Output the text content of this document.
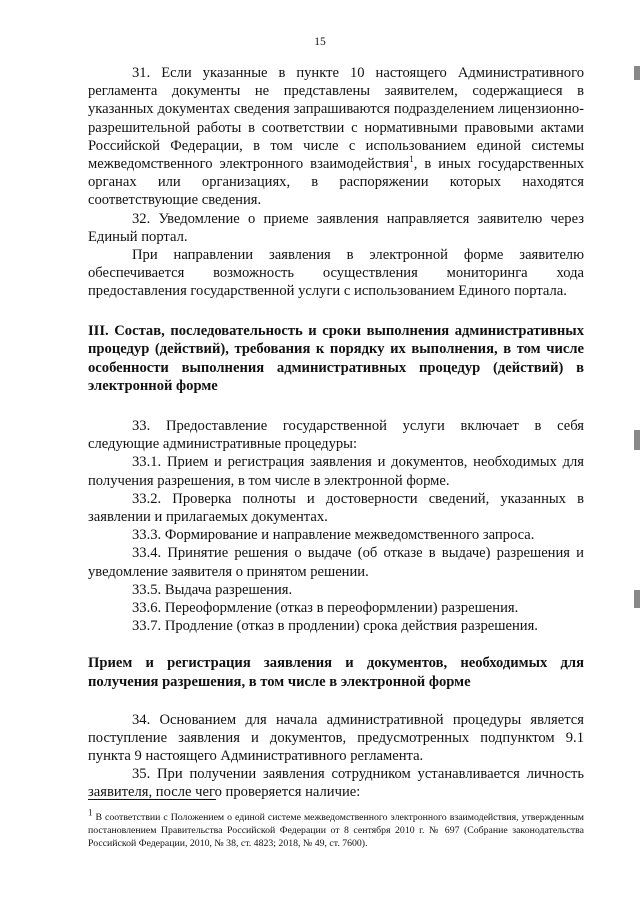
15

31. Если указанные в пункте 10 настоящего Административного регламента документы не представлены заявителем, содержащиеся в указанных документах сведения запрашиваются подразделением лицензионно-разрешительной работы в соответствии с нормативными правовыми актами Российской Федерации, в том числе с использованием единой системы межведомственного электронного взаимодействия$^1$, в иных государственных органах или организациях, в распоряжении которых находятся соответствующие сведения.

32. Уведомление о приеме заявления направляется заявителю через Единый портал.

При направлении заявления в электронной форме заявителю обеспечивается возможность осуществления мониторинга хода предоставления государственной услуги с использованием Единого портала.

III. Состав, последовательность и сроки выполнения административных процедур (действий), требования к порядку их выполнения, в том числе особенности выполнения административных процедур (действий) в электронной форме

33. Предоставление государственной услуги включает в себя следующие административные процедуры:

33.1. Прием и регистрация заявления и документов, необходимых для получения разрешения, в том числе в электронной форме.

33.2. Проверка полноты и достоверности сведений, указанных в заявлении и прилагаемых документах.

33.3. Формирование и направление межведомственного запроса.

33.4. Принятие решения о выдаче (об отказе в выдаче) разрешения и уведомление заявителя о принятом решении.

33.5. Выдача разрешения.

33.6. Переоформление (отказ в переоформлении) разрешения.

33.7. Продление (отказ в продлении) срока действия разрешения.

Прием и регистрация заявления и документов, необходимых для получения разрешения, в том числе в электронной форме

34. Основанием для начала административной процедуры является поступление заявления и документов, предусмотренных подпунктом 9.1 пункта 9 настоящего Административного регламента.

35. При получении заявления сотрудником устанавливается личность заявителя, после чего проверяется наличие:

$^1$ В соответствии с Положением о единой системе межведомственного электронного взаимодействия, утвержденным постановлением Правительства Российской Федерации от 8 сентября 2010 г. № 697 (Собрание законодательства Российской Федерации, 2010, № 38, ст. 4823; 2018, № 49, ст. 7600).
